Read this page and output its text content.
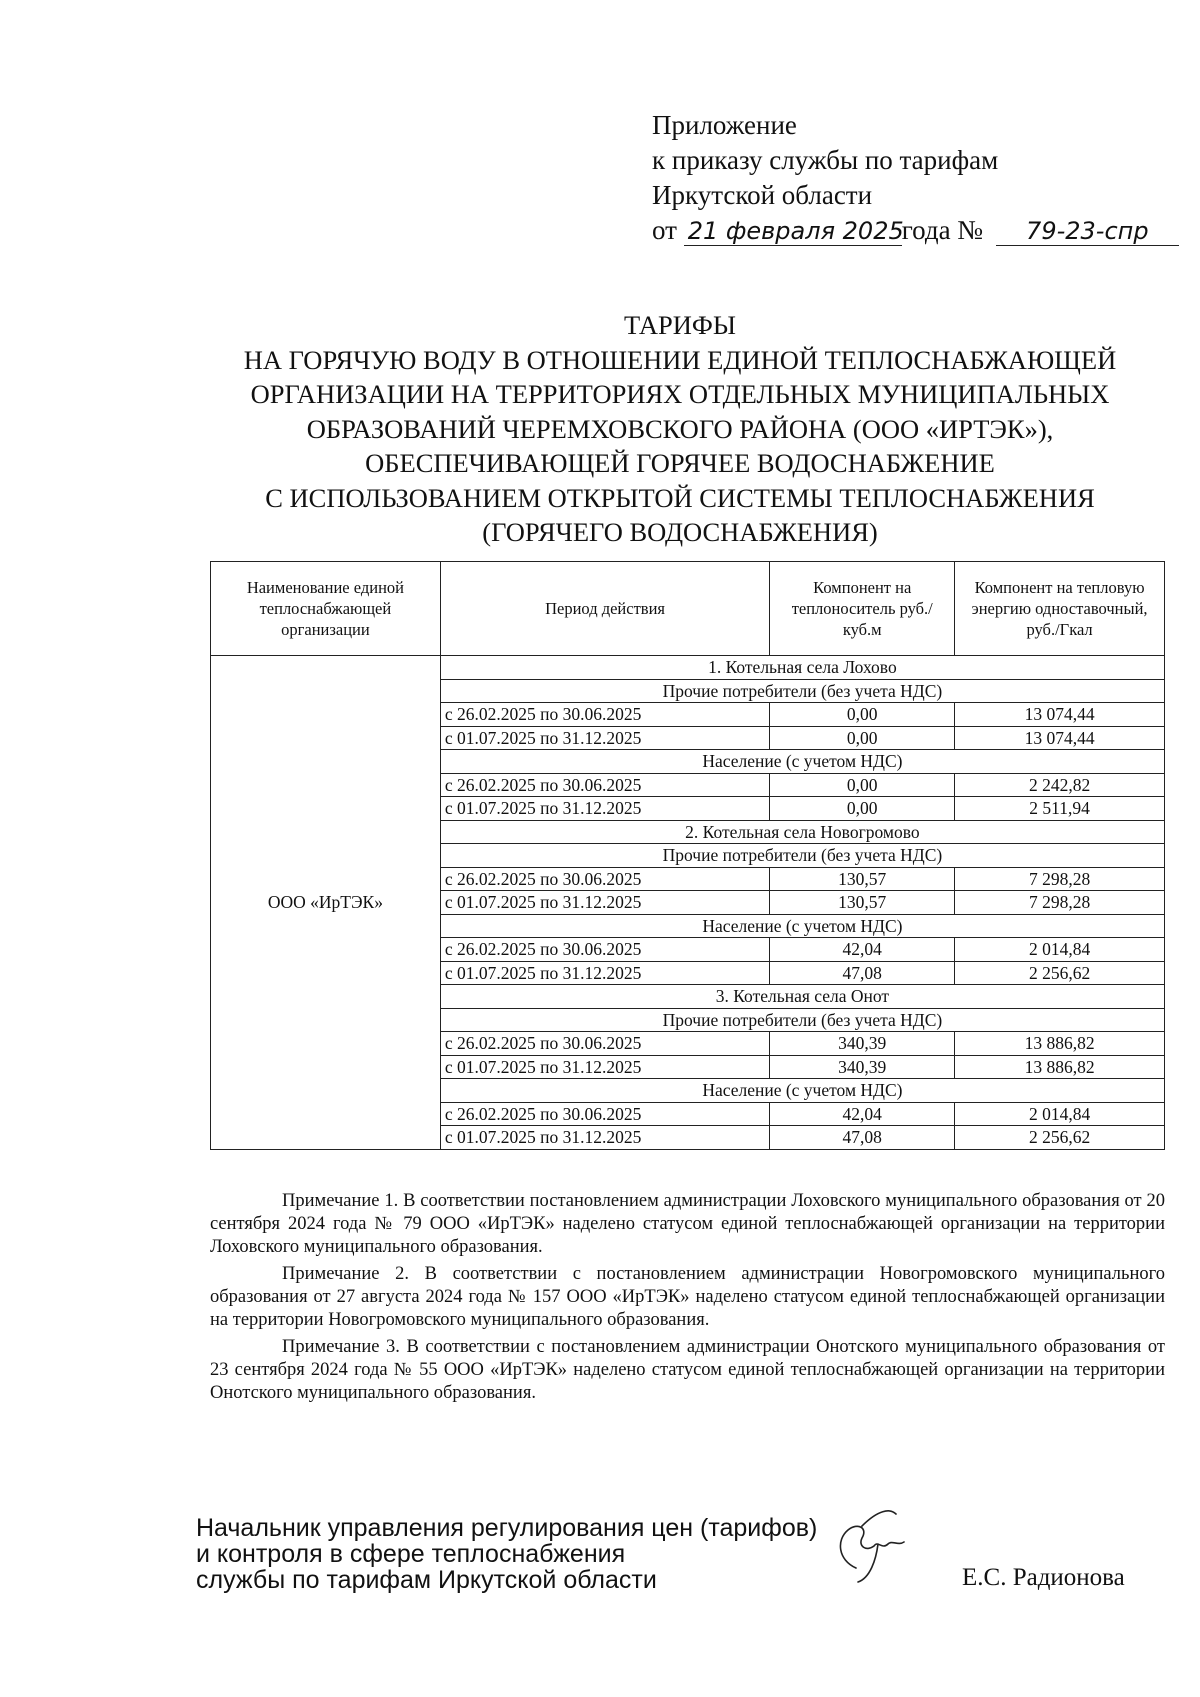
Приложение
к приказу службы по тарифам
Иркутской области
от 21 февраля 2025года № 79-23-спр
ТАРИФЫ
НА ГОРЯЧУЮ ВОДУ В ОТНОШЕНИИ ЕДИНОЙ ТЕПЛОСНАБЖАЮЩЕЙ
ОРГАНИЗАЦИИ НА ТЕРРИТОРИЯХ ОТДЕЛЬНЫХ МУНИЦИПАЛЬНЫХ
ОБРАЗОВАНИЙ ЧЕРЕМХОВСКОГО РАЙОНА (ООО «ИРТЭК»),
ОБЕСПЕЧИВАЮЩЕЙ ГОРЯЧЕЕ ВОДОСНАБЖЕНИЕ
С ИСПОЛЬЗОВАНИЕМ ОТКРЫТОЙ СИСТЕМЫ ТЕПЛОСНАБЖЕНИЯ
(ГОРЯЧЕГО ВОДОСНАБЖЕНИЯ)
Наименование единой теплоснабжающей организации	Период действия	Компонент на теплоноситель руб./куб.м	Компонент на тепловую энергию одноставочный, руб./Гкал
ООО «ИрТЭК»	1. Котельная села Лохово		
	Прочие потребители (без учета НДС)		
	с 26.02.2025 по 30.06.2025	0,00	13 074,44
	с 01.07.2025 по 31.12.2025	0,00	13 074,44
	Население (с учетом НДС)		
	с 26.02.2025 по 30.06.2025	0,00	2 242,82
	с 01.07.2025 по 31.12.2025	0,00	2 511,94
	2. Котельная села Новогромово		
	Прочие потребители (без учета НДС)		
	с 26.02.2025 по 30.06.2025	130,57	7 298,28
	с 01.07.2025 по 31.12.2025	130,57	7 298,28
	Население (с учетом НДС)		
	с 26.02.2025 по 30.06.2025	42,04	2 014,84
	с 01.07.2025 по 31.12.2025	47,08	2 256,62
	3. Котельная села Онот		
	Прочие потребители (без учета НДС)		
	с 26.02.2025 по 30.06.2025	340,39	13 886,82
	с 01.07.2025 по 31.12.2025	340,39	13 886,82
	Население (с учетом НДС)		
	с 26.02.2025 по 30.06.2025	42,04	2 014,84
	с 01.07.2025 по 31.12.2025	47,08	2 256,62

Примечание 1. В соответствии постановлением администрации Лоховского муниципального образования от 20 сентября 2024 года № 79 ООО «ИрТЭК» наделено статусом единой теплоснабжающей организации на территории Лоховского муниципального образования.

Примечание 2. В соответствии с постановлением администрации Новогромовского муниципального образования от 27 августа 2024 года № 157 ООО «ИрТЭК» наделено статусом единой теплоснабжающей организации на территории Новогромовского муниципального образования.

Примечание 3. В соответствии с постановлением администрации Онотского муниципального образования от 23 сентября 2024 года № 55 ООО «ИрТЭК» наделено статусом единой теплоснабжающей организации на территории Онотского муниципального образования.

Начальник управления регулирования цен (тарифов)
и контроля в сфере теплоснабжения
службы по тарифам Иркутской области	Е.С. Радионова
